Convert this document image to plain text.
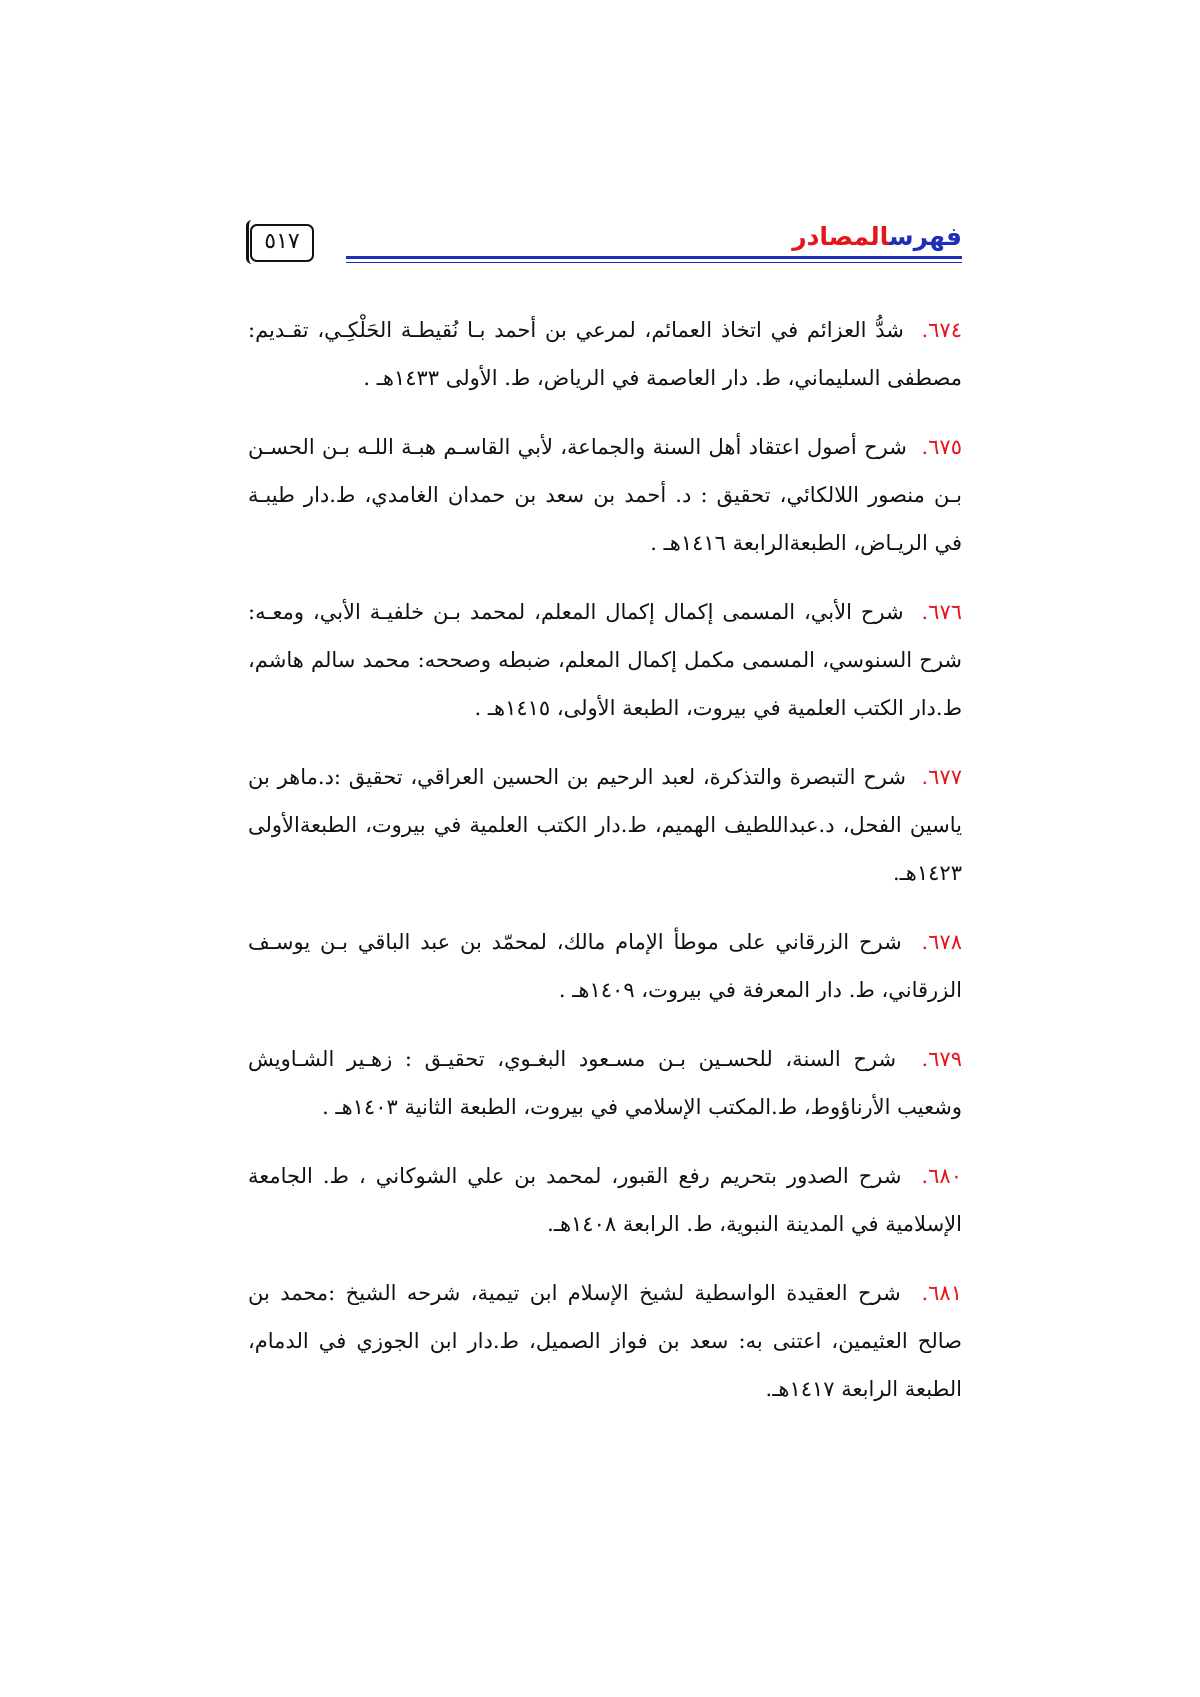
فهرسالمصادر
٥١٧

٦٧٤.  شدُّ العزائم في اتخاذ العمائم، لمرعي بن أحمد بـا نُقيطـة الحَلْكِـي، تقـديم: مصطفى السليماني، ط. دار العاصمة في الرياض، ط. الأولى ١٤٣٣هـ .

٦٧٥.  شرح أصول اعتقاد أهل السنة والجماعة، لأبي القاسـم هبـة اللـه بـن الحسـن بـن منصور اللالكائي، تحقيق : د. أحمد بن سعد بن حمدان الغامدي، ط.دار طيبـة في الريـاض، الطبعةالرابعة ١٤١٦هـ .

٦٧٦.  شرح الأبي، المسمى إكمال إكمال المعلم، لمحمد بـن خلفيـة الأبي، ومعـه: شرح السنوسي، المسمى مكمل إكمال المعلم، ضبطه وصححه: محمد سالم هاشم، ط.دار الكتب العلمية في بيروت، الطبعة الأولى، ١٤١٥هـ .

٦٧٧.  شرح التبصرة والتذكرة، لعبد الرحيم بن الحسين العراقي، تحقيق :د.ماهر بن ياسين الفحل، د.عبداللطيف الهميم، ط.دار الكتب العلمية في بيروت، الطبعةالأولى ١٤٢٣هـ.

٦٧٨.  شرح الزرقاني على موطأ الإمام مالك، لمحمّد بن عبد الباقي بـن يوسـف الزرقاني، ط. دار المعرفة في بيروت، ١٤٠٩هـ .

٦٧٩.  شرح السنة، للحسـين بـن مسـعود البغـوي، تحقيـق : زهـير الشـاويش وشعيب الأرناؤوط، ط.المكتب الإسلامي في بيروت، الطبعة الثانية ١٤٠٣هـ .

٦٨٠.  شرح الصدور بتحريم رفع القبور، لمحمد بن علي الشوكاني ، ط. الجامعة الإسلامية في المدينة النبوية، ط. الرابعة ١٤٠٨هـ.

٦٨١.  شرح العقيدة الواسطية لشيخ الإسلام ابن تيمية، شرحه الشيخ :محمد بن صالح العثيمين، اعتنى به: سعد بن فواز الصميل، ط.دار ابن الجوزي في الدمام، الطبعة الرابعة ١٤١٧هـ.
